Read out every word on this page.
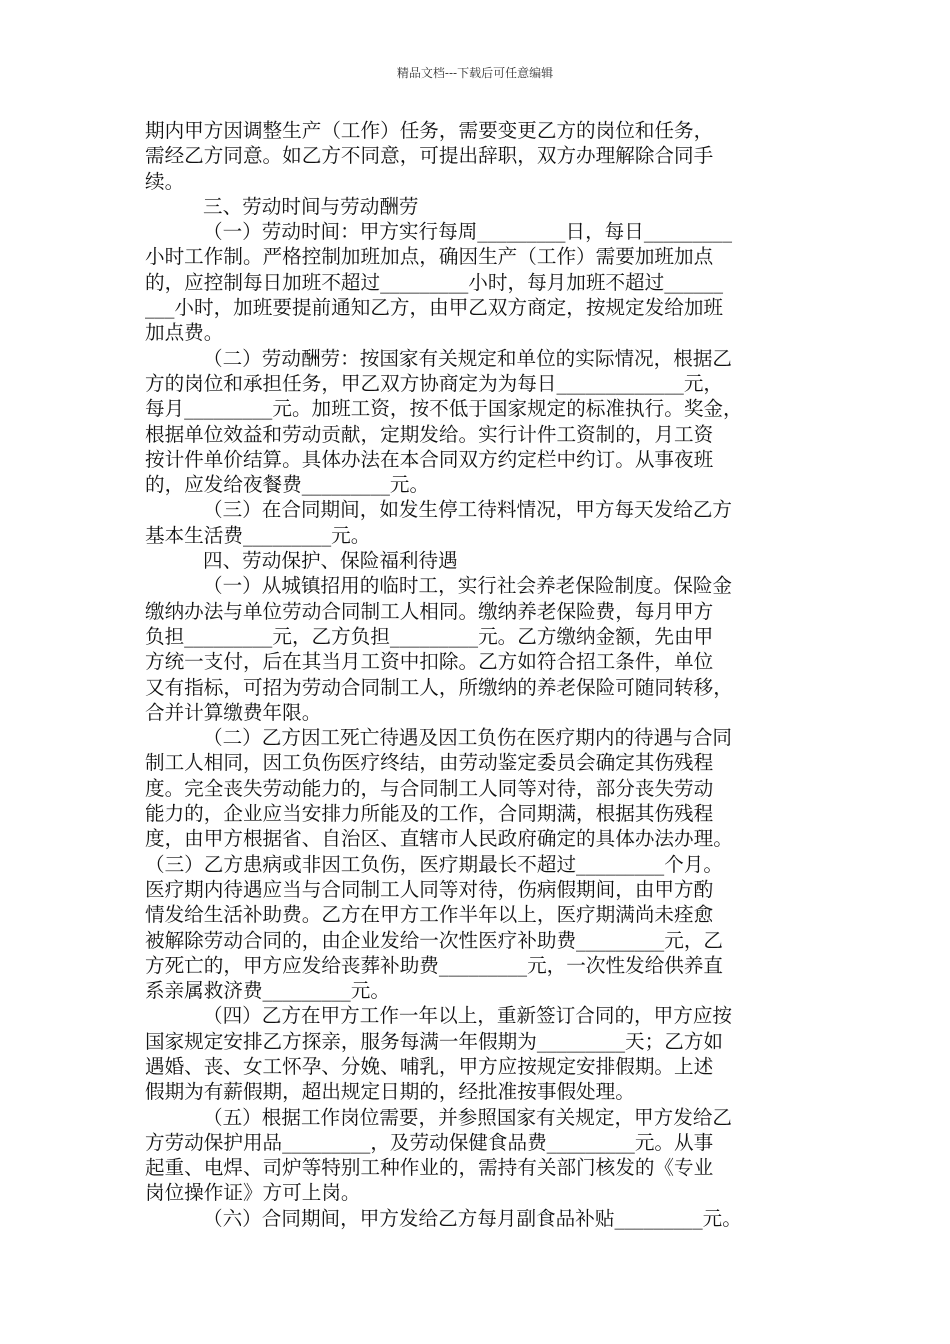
精品文档---下载后可任意编辑
期内甲方因调整生产（工作）任务，需要变更乙方的岗位和任务，
需经乙方同意。如乙方不同意，可提出辞职，双方办理解除合同手
续。
三、劳动时间与劳动酬劳
（一）劳动时间：甲方实行每周_________日，每日_________
小时工作制。严格控制加班加点，确因生产（工作）需要加班加点
的，应控制每日加班不超过_________小时，每月加班不超过______
___小时，加班要提前通知乙方，由甲乙双方商定，按规定发给加班
加点费。
（二）劳动酬劳：按国家有关规定和单位的实际情况，根据乙
方的岗位和承担任务，甲乙双方协商定为为每日_____________元，
每月_________元。加班工资，按不低于国家规定的标准执行。奖金，
根据单位效益和劳动贡献，定期发给。实行计件工资制的，月工资
按计件单价结算。具体办法在本合同双方约定栏中约订。从事夜班
的，应发给夜餐费_________元。
（三）在合同期间，如发生停工待料情况，甲方每天发给乙方
基本生活费_________元。
四、劳动保护、保险福利待遇
（一）从城镇招用的临时工，实行社会养老保险制度。保险金
缴纳办法与单位劳动合同制工人相同。缴纳养老保险费，每月甲方
负担_________元，乙方负担_________元。乙方缴纳金额，先由甲
方统一支付，后在其当月工资中扣除。乙方如符合招工条件，单位
又有指标，可招为劳动合同制工人，所缴纳的养老保险可随同转移，
合并计算缴费年限。
（二）乙方因工死亡待遇及因工负伤在医疗期内的待遇与合同
制工人相同，因工负伤医疗终结，由劳动鉴定委员会确定其伤残程
度。完全丧失劳动能力的，与合同制工人同等对待，部分丧失劳动
能力的，企业应当安排力所能及的工作，合同期满，根据其伤残程
度，由甲方根据省、自治区、直辖市人民政府确定的具体办法办理。
（三）乙方患病或非因工负伤，医疗期最长不超过_________个月。
医疗期内待遇应当与合同制工人同等对待，伤病假期间，由甲方酌
情发给生活补助费。乙方在甲方工作半年以上，医疗期满尚未痊愈
被解除劳动合同的，由企业发给一次性医疗补助费_________元，乙
方死亡的，甲方应发给丧葬补助费_________元，一次性发给供养直
系亲属救济费_________元。
（四）乙方在甲方工作一年以上，重新签订合同的，甲方应按
国家规定安排乙方探亲，服务每满一年假期为_________天；乙方如
遇婚、丧、女工怀孕、分娩、哺乳，甲方应按规定安排假期。上述
假期为有薪假期，超出规定日期的，经批准按事假处理。
（五）根据工作岗位需要，并参照国家有关规定，甲方发给乙
方劳动保护用品_________，及劳动保健食品费_________元。从事
起重、电焊、司炉等特别工种作业的，需持有关部门核发的《专业
岗位操作证》方可上岗。
（六）合同期间，甲方发给乙方每月副食品补贴_________元。
